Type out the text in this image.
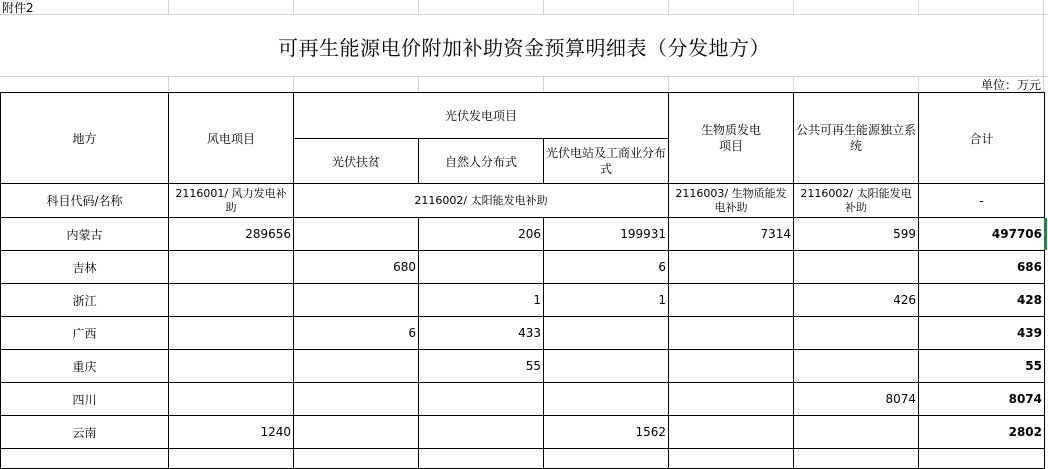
附件2
可再生能源电价附加补助资金预算明细表（分发地方）
单位：万元
地方	风电项目	光伏发电项目			生物质发电项目	公共可再生能源独立系统	合计
		光伏扶贫	自然人分布式	光伏电站及工商业分布式			
科目代码/名称	2116001/ 风力发电补助	2116002/ 太阳能发电补助			2116003/ 生物质能发电补助	2116002/ 太阳能发电补助	-
内蒙古	289656		206	199931	7314	599	497706
吉林		680		6			686
浙江			1	1		426	428
广西		6	433				439
重庆			55				55
四川						8074	8074
云南	1240			1562			2802
